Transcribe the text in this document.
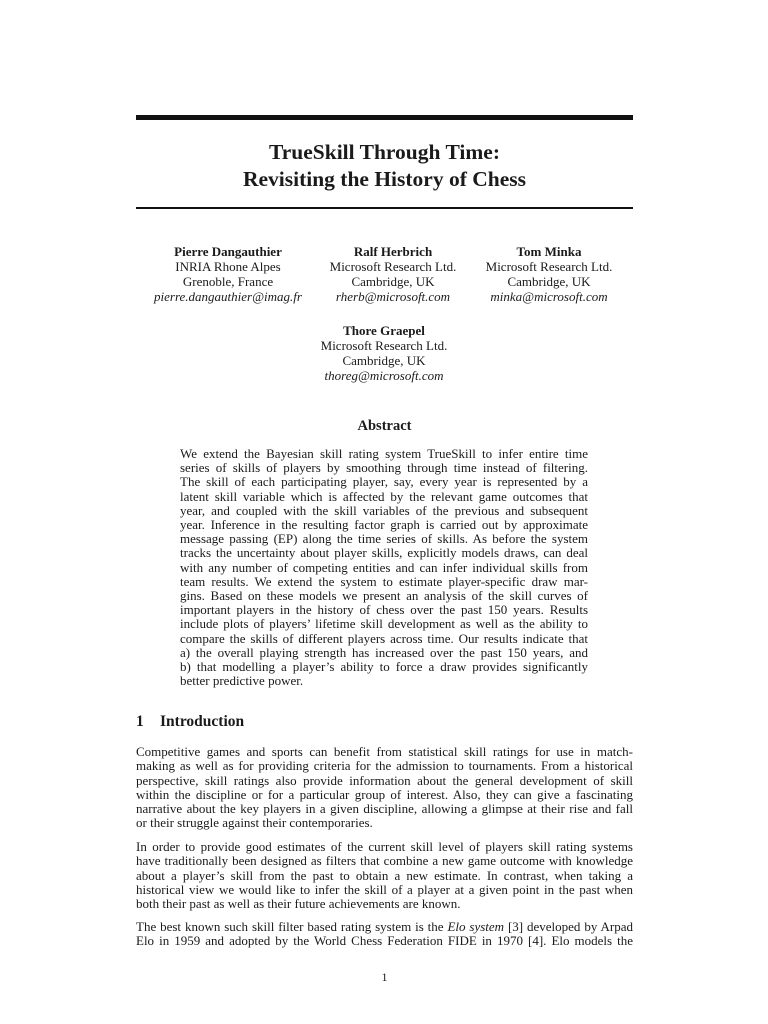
TrueSkill Through Time:
Revisiting the History of Chess
Pierre Dangauthier
INRIA Rhone Alpes
Grenoble, France
pierre.dangauthier@imag.fr
Ralf Herbrich
Microsoft Research Ltd.
Cambridge, UK
rherb@microsoft.com
Tom Minka
Microsoft Research Ltd.
Cambridge, UK
minka@microsoft.com
Thore Graepel
Microsoft Research Ltd.
Cambridge, UK
thoreg@microsoft.com
Abstract
We extend the Bayesian skill rating system TrueSkill to infer entire time
series of skills of players by smoothing through time instead of filtering.
The skill of each participating player, say, every year is represented by a
latent skill variable which is affected by the relevant game outcomes that
year, and coupled with the skill variables of the previous and subsequent
year. Inference in the resulting factor graph is carried out by approximate
message passing (EP) along the time series of skills. As before the system
tracks the uncertainty about player skills, explicitly models draws, can deal
with any number of competing entities and can infer individual skills from
team results. We extend the system to estimate player-specific draw mar-
gins. Based on these models we present an analysis of the skill curves of
important players in the history of chess over the past 150 years. Results
include plots of players’ lifetime skill development as well as the ability to
compare the skills of different players across time. Our results indicate that
a) the overall playing strength has increased over the past 150 years, and
b) that modelling a player’s ability to force a draw provides significantly
better predictive power.
1 Introduction
Competitive games and sports can benefit from statistical skill ratings for use in match-
making as well as for providing criteria for the admission to tournaments. From a historical
perspective, skill ratings also provide information about the general development of skill
within the discipline or for a particular group of interest. Also, they can give a fascinating
narrative about the key players in a given discipline, allowing a glimpse at their rise and fall
or their struggle against their contemporaries.
In order to provide good estimates of the current skill level of players skill rating systems
have traditionally been designed as filters that combine a new game outcome with knowledge
about a player’s skill from the past to obtain a new estimate. In contrast, when taking a
historical view we would like to infer the skill of a player at a given point in the past when
both their past as well as their future achievements are known.
The best known such skill filter based rating system is the Elo system [3] developed by Arpad
Elo in 1959 and adopted by the World Chess Federation FIDE in 1970 [4]. Elo models the
1
